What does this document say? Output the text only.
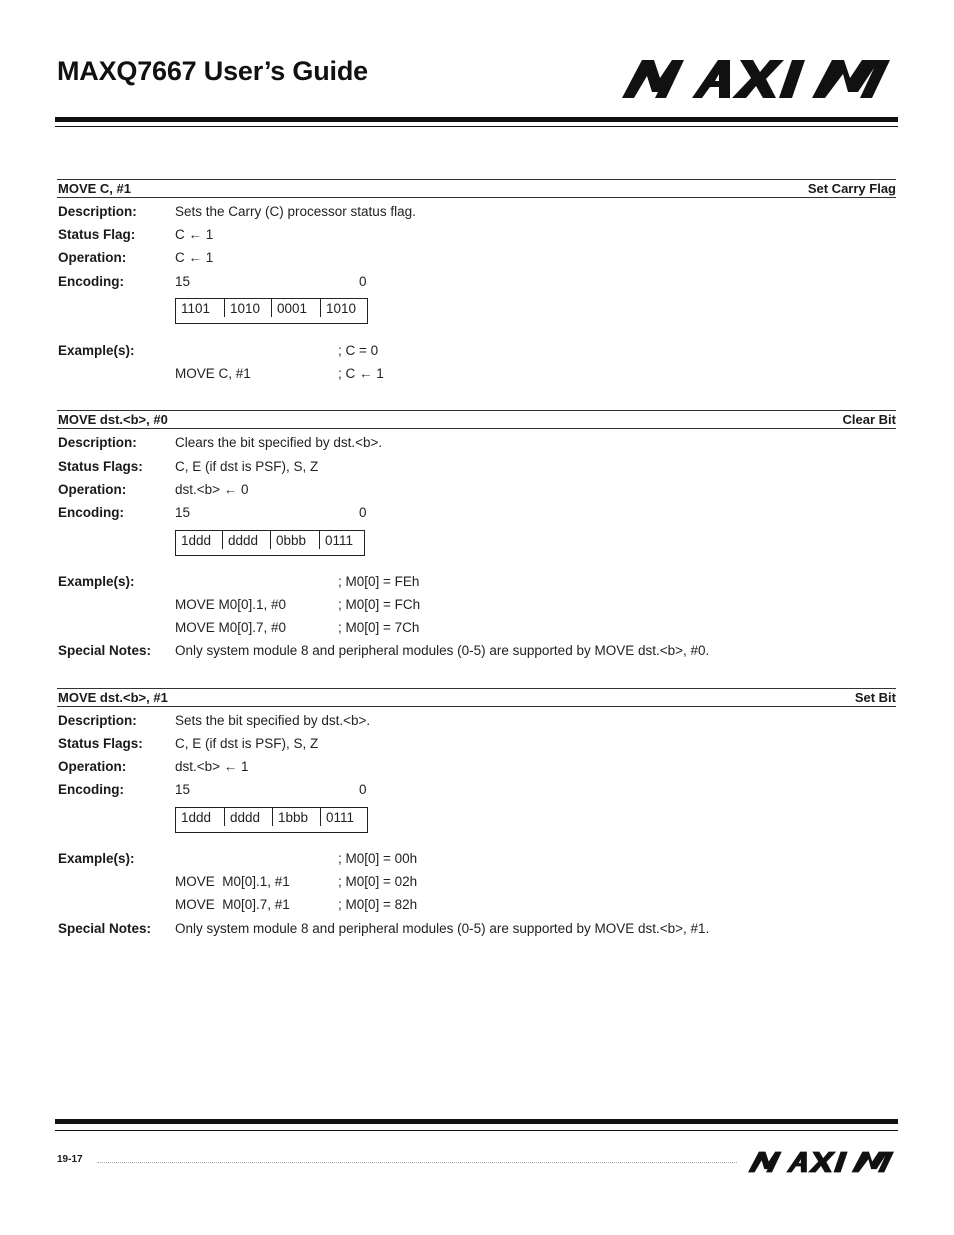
MAXQ7667 User’s Guide
MOVE C, #1	Set Carry Flag
Description:	Sets the Carry (C) processor status flag.
Status Flag:	C ← 1
Operation:	C ← 1
Encoding:	15	0
1101	1010	0001	1010
Example(s):	; C = 0
MOVE C, #1	; C ← 1
MOVE dst.<b>, #0	Clear Bit
Description:	Clears the bit specified by dst.<b>.
Status Flags: C, E (if dst is PSF), S, Z
Operation:	dst.<b> ← 0
Encoding:	15	0
1ddd	dddd	0bbb	0111
Example(s):	; M0[0] = FEh
MOVE M0[0].1, #0	; M0[0] = FCh
MOVE M0[0].7, #0	; M0[0] = 7Ch
Special Notes: Only system module 8 and peripheral modules (0-5) are supported by MOVE dst.<b>, #0.
MOVE dst.<b>, #1	Set Bit
Description:	Sets the bit specified by dst.<b>.
Status Flags: C, E (if dst is PSF), S, Z
Operation:	dst.<b> ← 1
Encoding:	15	0
1ddd	dddd	1bbb	0111
Example(s):	; M0[0] = 00h
MOVE  M0[0].1, #1	; M0[0] = 02h
MOVE  M0[0].7, #1	; M0[0] = 82h
Special Notes: Only system module 8 and peripheral modules (0-5) are supported by MOVE dst.<b>, #1.
19-17
